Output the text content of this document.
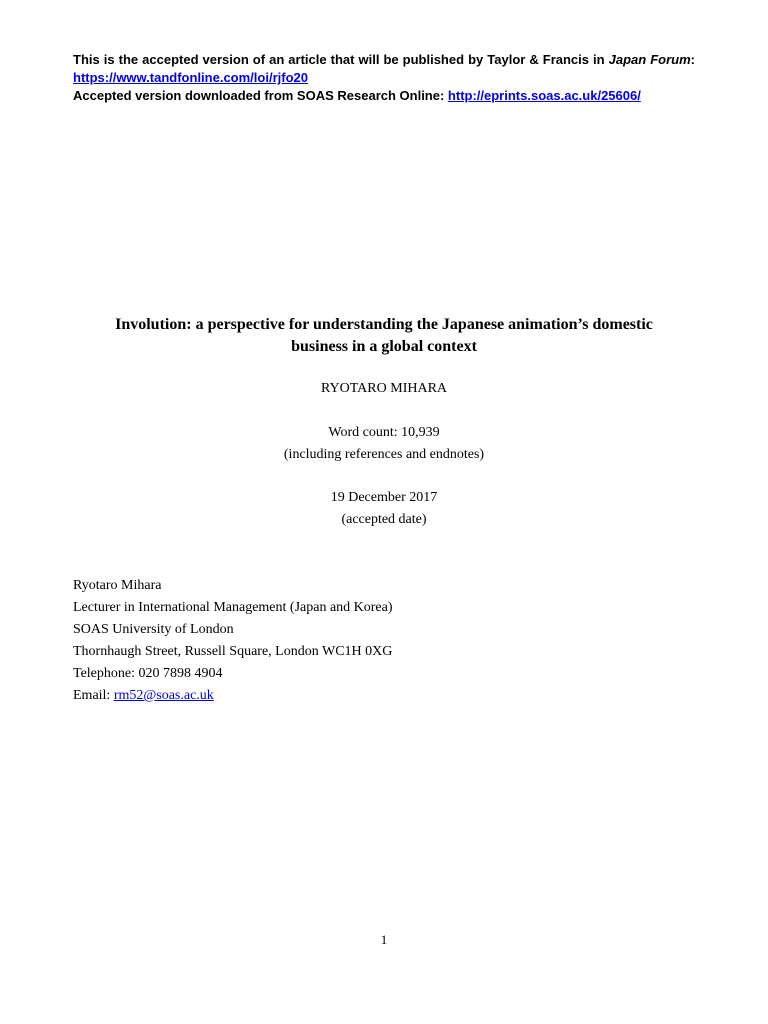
This is the accepted version of an article that will be published by Taylor & Francis in Japan Forum:
https://www.tandfonline.com/loi/rjfo20
Accepted version downloaded from SOAS Research Online: http://eprints.soas.ac.uk/25606/
Involution: a perspective for understanding the Japanese animation’s domestic
business in a global context
RYOTARO MIHARA
Word count: 10,939
(including references and endnotes)
19 December 2017
(accepted date)
Ryotaro Mihara
Lecturer in International Management (Japan and Korea)
SOAS University of London
Thornhaugh Street, Russell Square, London WC1H 0XG
Telephone: 020 7898 4904
Email: rm52@soas.ac.uk
1
